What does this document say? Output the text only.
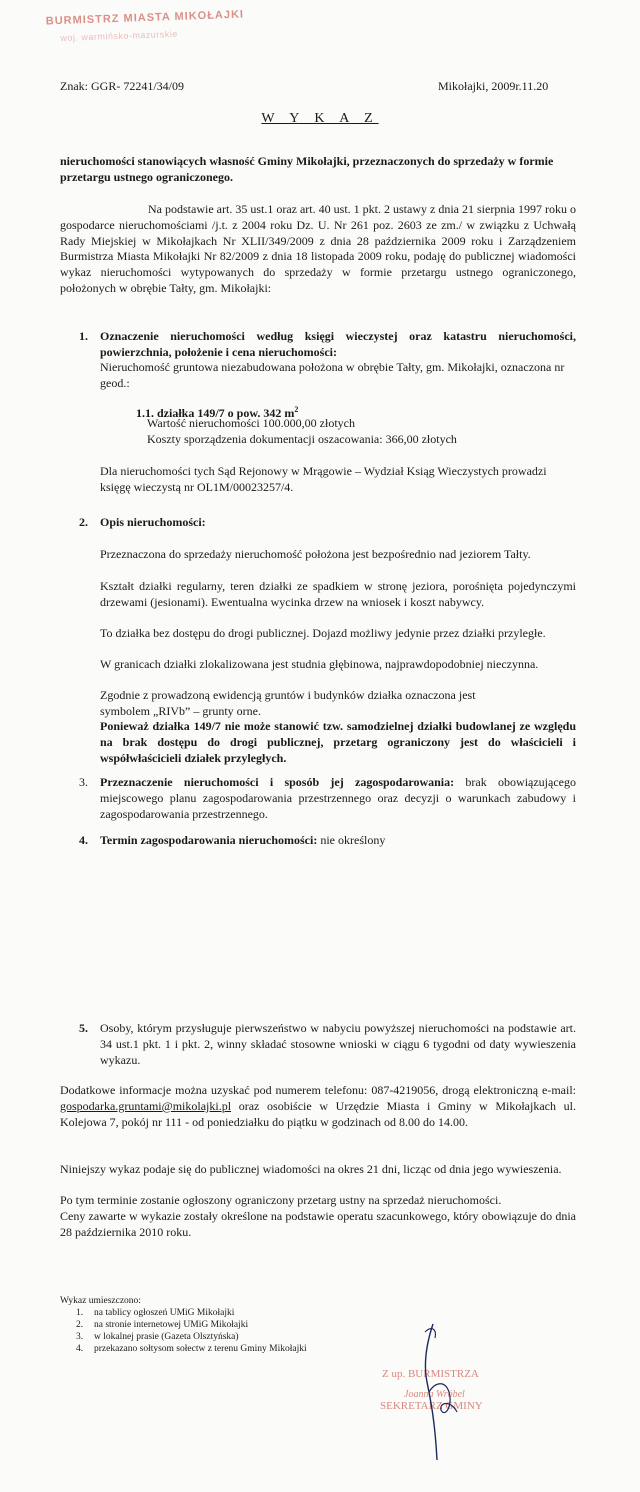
BURMISTRZ MIASTA MIKOŁAJKI
woj. warmińsko-mazurskie
Znak: GGR- 72241/34/09	Mikołajki, 2009r.11.20
W Y K A Z
nieruchomości stanowiących własność Gminy Mikołajki, przeznaczonych do sprzedaży w formie przetargu ustnego ograniczonego.
Na podstawie art. 35 ust.1 oraz art. 40 ust. 1 pkt. 2 ustawy z dnia 21 sierpnia 1997 roku o gospodarce nieruchomościami /j.t. z 2004 roku Dz. U. Nr 261 poz. 2603 ze zm./ w związku z Uchwałą Rady Miejskiej w Mikołajkach Nr XLII/349/2009 z dnia 28 października 2009 roku i Zarządzeniem Burmistrza Miasta Mikołajki Nr 82/2009 z dnia 18 listopada 2009 roku, podaję do publicznej wiadomości wykaz nieruchomości wytypowanych do sprzedaży w formie przetargu ustnego ograniczonego, położonych w obrębie Tałty, gm. Mikołajki:
1. Oznaczenie nieruchomości według księgi wieczystej oraz katastru nieruchomości, powierzchnia, położenie i cena nieruchomości:
Nieruchomość gruntowa niezabudowana położona w obrębie Tałty, gm. Mikołajki, oznaczona nr geod.:
1.1. działka 149/7 o pow. 342 $m^2$
Wartość nieruchomości 100.000,00 złotych
Koszty sporządzenia dokumentacji oszacowania: 366,00 złotych
Dla nieruchomości tych Sąd Rejonowy w Mrągowie – Wydział Ksiąg Wieczystych prowadzi księgę wieczystą nr OL1M/00023257/4.
2. Opis nieruchomości:
Przeznaczona do sprzedaży nieruchomość położona jest bezpośrednio nad jeziorem Tałty.
Kształt działki regularny, teren działki ze spadkiem w stronę jeziora, porośnięta pojedynczymi drzewami (jesionami). Ewentualna wycinka drzew na wniosek i koszt nabywcy.
To działka bez dostępu do drogi publicznej. Dojazd możliwy jedynie przez działki przyległe.
W granicach działki zlokalizowana jest studnia głębinowa, najprawdopodobniej nieczynna.
Zgodnie z prowadzoną ewidencją gruntów i budynków działka oznaczona jest symbolem „RIVb” – grunty orne.
Ponieważ działka 149/7 nie może stanowić tzw. samodzielnej działki budowlanej ze względu na brak dostępu do drogi publicznej, przetarg ograniczony jest do właścicieli i współwłaścicieli działek przyległych.
3. Przeznaczenie nieruchomości i sposób jej zagospodarowania: brak obowiązującego miejscowego planu zagospodarowania przestrzennego oraz decyzji o warunkach zabudowy i zagospodarowania przestrzennego.
4. Termin zagospodarowania nieruchomości: nie określony
5. Osoby, którym przysługuje pierwszeństwo w nabyciu powyższej nieruchomości na podstawie art. 34 ust.1 pkt. 1 i pkt. 2, winny składać stosowne wnioski w ciągu 6 tygodni od daty wywieszenia wykazu.
Dodatkowe informacje można uzyskać pod numerem telefonu: 087-4219056, drogą elektroniczną e-mail: gospodarka.gruntami@mikolajki.pl oraz osobiście w Urzędzie Miasta i Gminy w Mikołajkach ul. Kolejowa 7, pokój nr 111 - od poniedziałku do piątku w godzinach od 8.00 do 14.00.
Niniejszy wykaz podaje się do publicznej wiadomości na okres 21 dni, licząc od dnia jego wywieszenia.
Po tym terminie zostanie ogłoszony ograniczony przetarg ustny na sprzedaż nieruchomości.
Ceny zawarte w wykazie zostały określone na podstawie operatu szacunkowego, który obowiązuje do dnia 28 października 2010 roku.
Wykaz umieszczono:
1.	na tablicy ogłoszeń UMiG Mikołajki
2.	na stronie internetowej UMiG Mikołajki
3.	w lokalnej prasie (Gazeta Olsztyńska)
4.	przekazano sołtysom sołectw z terenu Gminy Mikołajki
Z up. BURMISTRZA
Joanna Wróbel
SEKRETARZ GMINY
